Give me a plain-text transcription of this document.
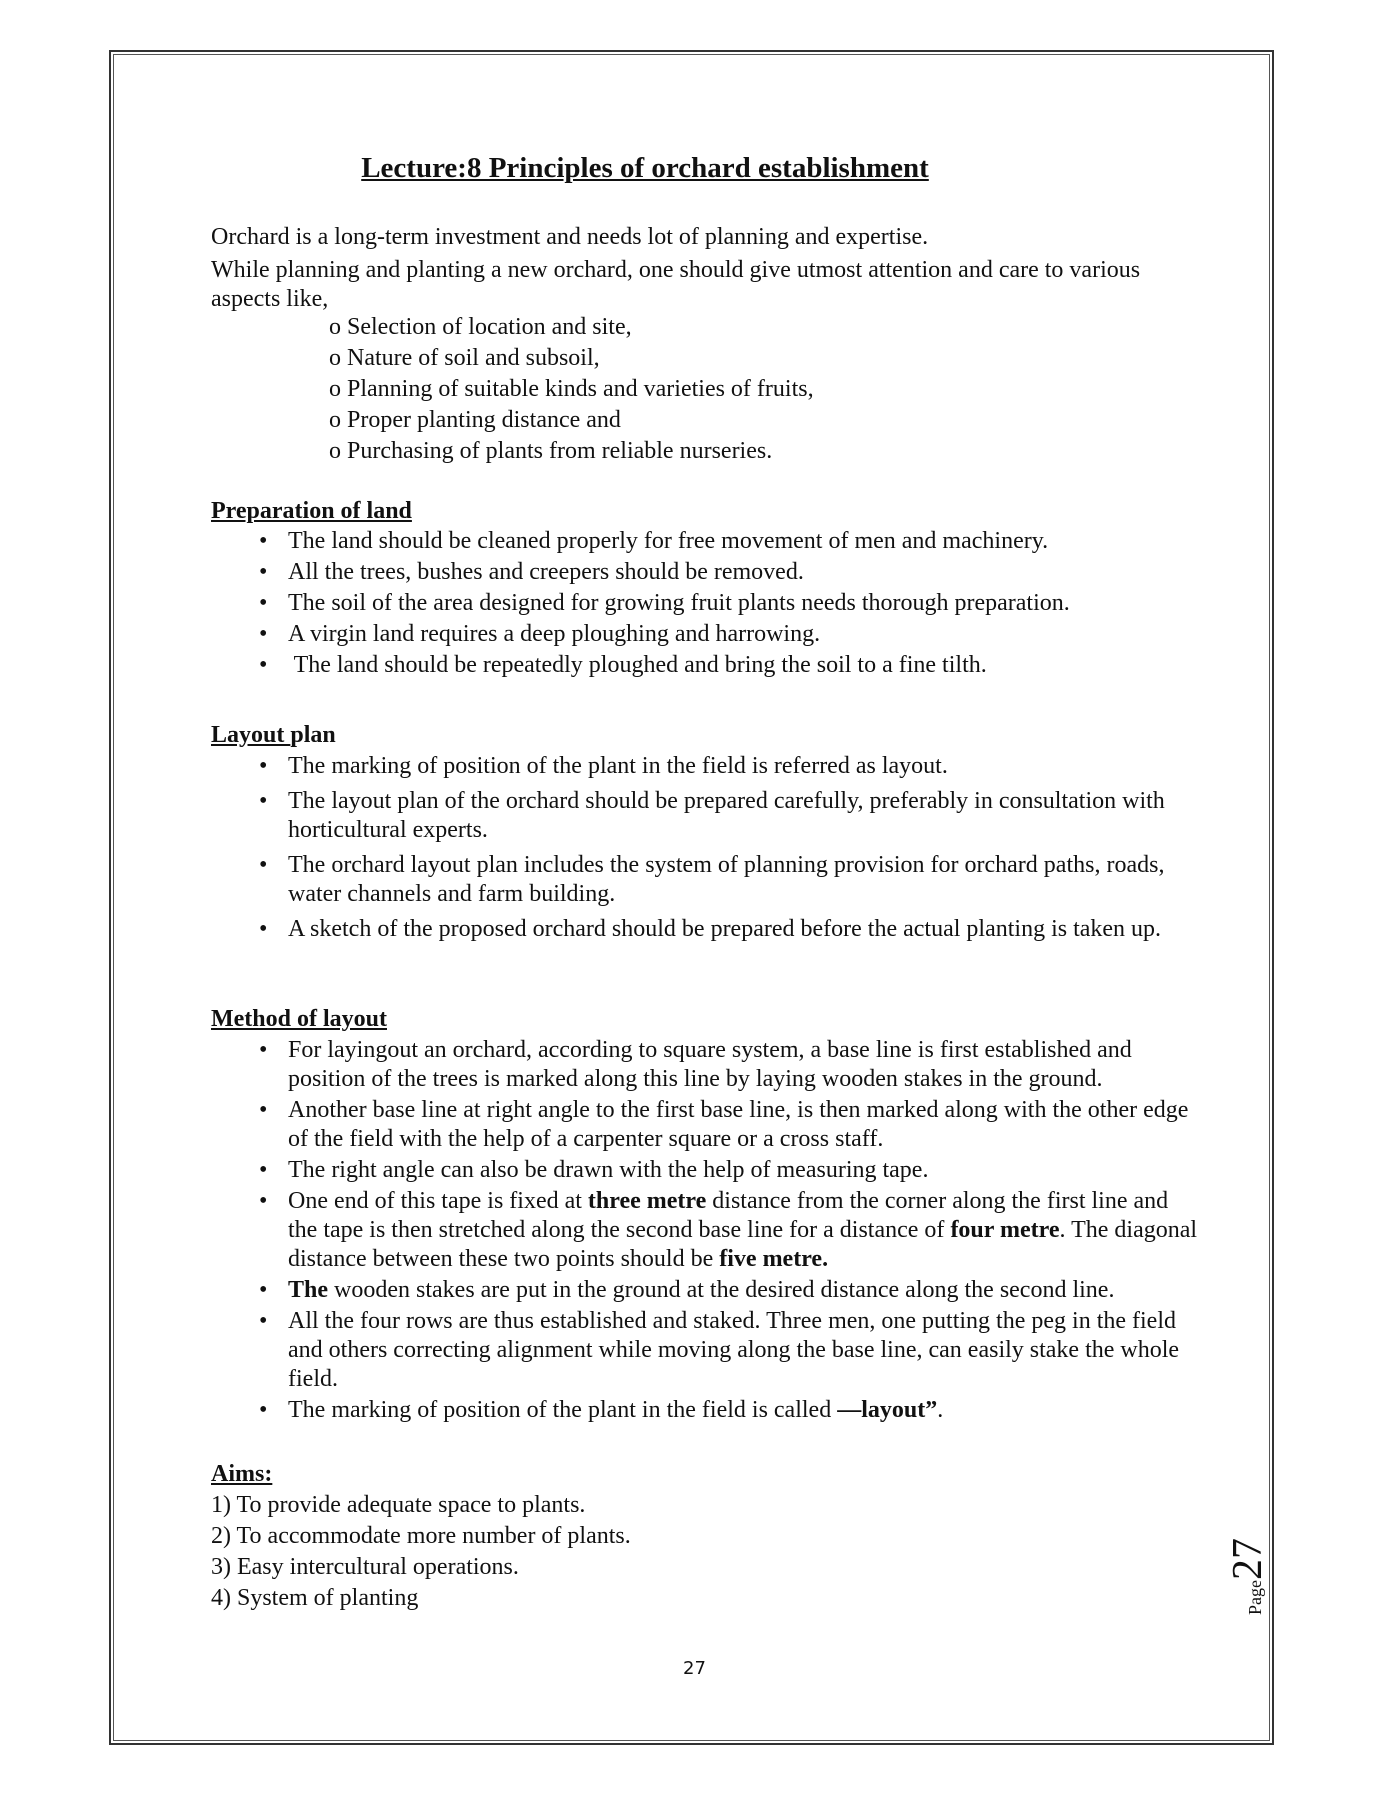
Lecture:8 Principles of orchard establishment

Orchard is a long-term investment and needs lot of planning and expertise.

While planning and planting a new orchard, one should give utmost attention and care to various aspects like,

o Selection of location and site,
o Nature of soil and subsoil,
o Planning of suitable kinds and varieties of fruits,
o Proper planting distance and
o Purchasing of plants from reliable nurseries.

Preparation of land

• The land should be cleaned properly for free movement of men and machinery.
• All the trees, bushes and creepers should be removed.
• The soil of the area designed for growing fruit plants needs thorough preparation.
• A virgin land requires a deep ploughing and harrowing.
•  The land should be repeatedly ploughed and bring the soil to a fine tilth.

Layout plan

• The marking of position of the plant in the field is referred as layout.
• The layout plan of the orchard should be prepared carefully, preferably in consultation with horticultural experts.
• The orchard layout plan includes the system of planning provision for orchard paths, roads, water channels and farm building.
• A sketch of the proposed orchard should be prepared before the actual planting is taken up.

Method of layout

• For layingout an orchard, according to square system, a base line is first established and position of the trees is marked along this line by laying wooden stakes in the ground.
• Another base line at right angle to the first base line, is then marked along with the other edge of the field with the help of a carpenter square or a cross staff.
• The right angle can also be drawn with the help of measuring tape.
• One end of this tape is fixed at three metre distance from the corner along the first line and the tape is then stretched along the second base line for a distance of four metre. The diagonal distance between these two points should be five metre.
• The wooden stakes are put in the ground at the desired distance along the second line.
• All the four rows are thus established and staked. Three men, one putting the peg in the field and others correcting alignment while moving along the base line, can easily stake the whole field.
• The marking of position of the plant in the field is called ―layout”.

Aims:

1) To provide adequate space to plants.
2) To accommodate more number of plants.
3) Easy intercultural operations.
4) System of planting
27
Page27
